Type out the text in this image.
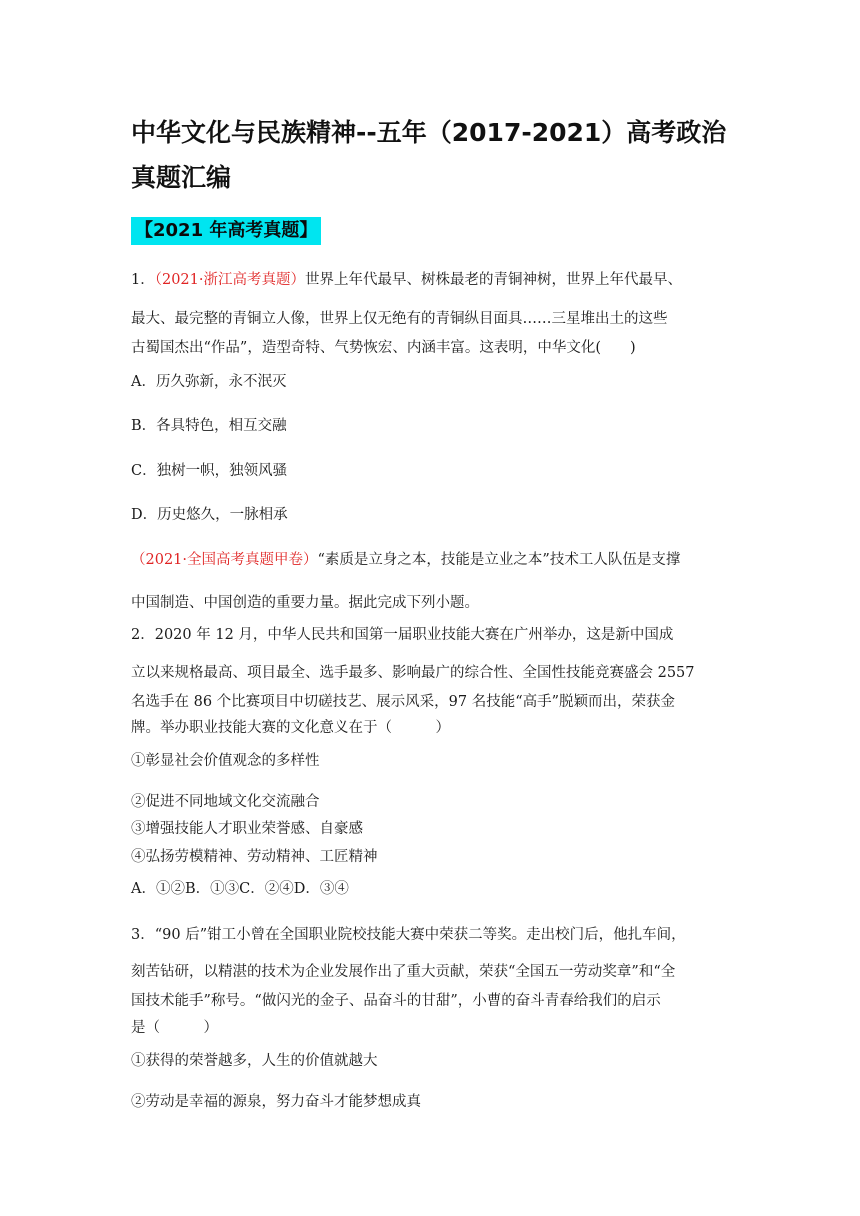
中华文化与民族精神--五年（2017-2021）高考政治真题汇编
【2021 年高考真题】

1．（2021·浙江高考真题）世界上年代最早、树株最老的青铜神树，世界上年代最早、

最大、最完整的青铜立人像，世界上仅无绝有的青铜纵目面具……三星堆出土的这些

古蜀国杰出“作品”，造型奇特、气势恢宏、内涵丰富。这表明，中华文化(　　)

A．历久弥新，永不泯灭

B．各具特色，相互交融

C．独树一帜，独领风骚

D．历史悠久，一脉相承

（2021·全国高考真题甲卷）“素质是立身之本，技能是立业之本”技术工人队伍是支撑

中国制造、中国创造的重要力量。据此完成下列小题。

2．2020 年 12 月，中华人民共和国第一届职业技能大赛在广州举办，这是新中国成

立以来规格最高、项目最全、选手最多、影响最广的综合性、全国性技能竞赛盛会 2557

名选手在 86 个比赛项目中切磋技艺、展示风采，97 名技能“高手”脱颖而出，荣获金

牌。举办职业技能大赛的文化意义在于（　　　）

①彰显社会价值观念的多样性

②促进不同地域文化交流融合

③增强技能人才职业荣誉感、自豪感

④弘扬劳模精神、劳动精神、工匠精神

A．①②B．①③C．②④D．③④

3．“90 后”钳工小曾在全国职业院校技能大赛中荣获二等奖。走出校门后，他扎车间，

刻苦钻研，以精湛的技术为企业发展作出了重大贡献，荣获“全国五一劳动奖章”和“全

国技术能手”称号。“做闪光的金子、品奋斗的甘甜”，小曹的奋斗青春给我们的启示

是（　　　）

①获得的荣誉越多，人生的价值就越大

②劳动是幸福的源泉，努力奋斗才能梦想成真
